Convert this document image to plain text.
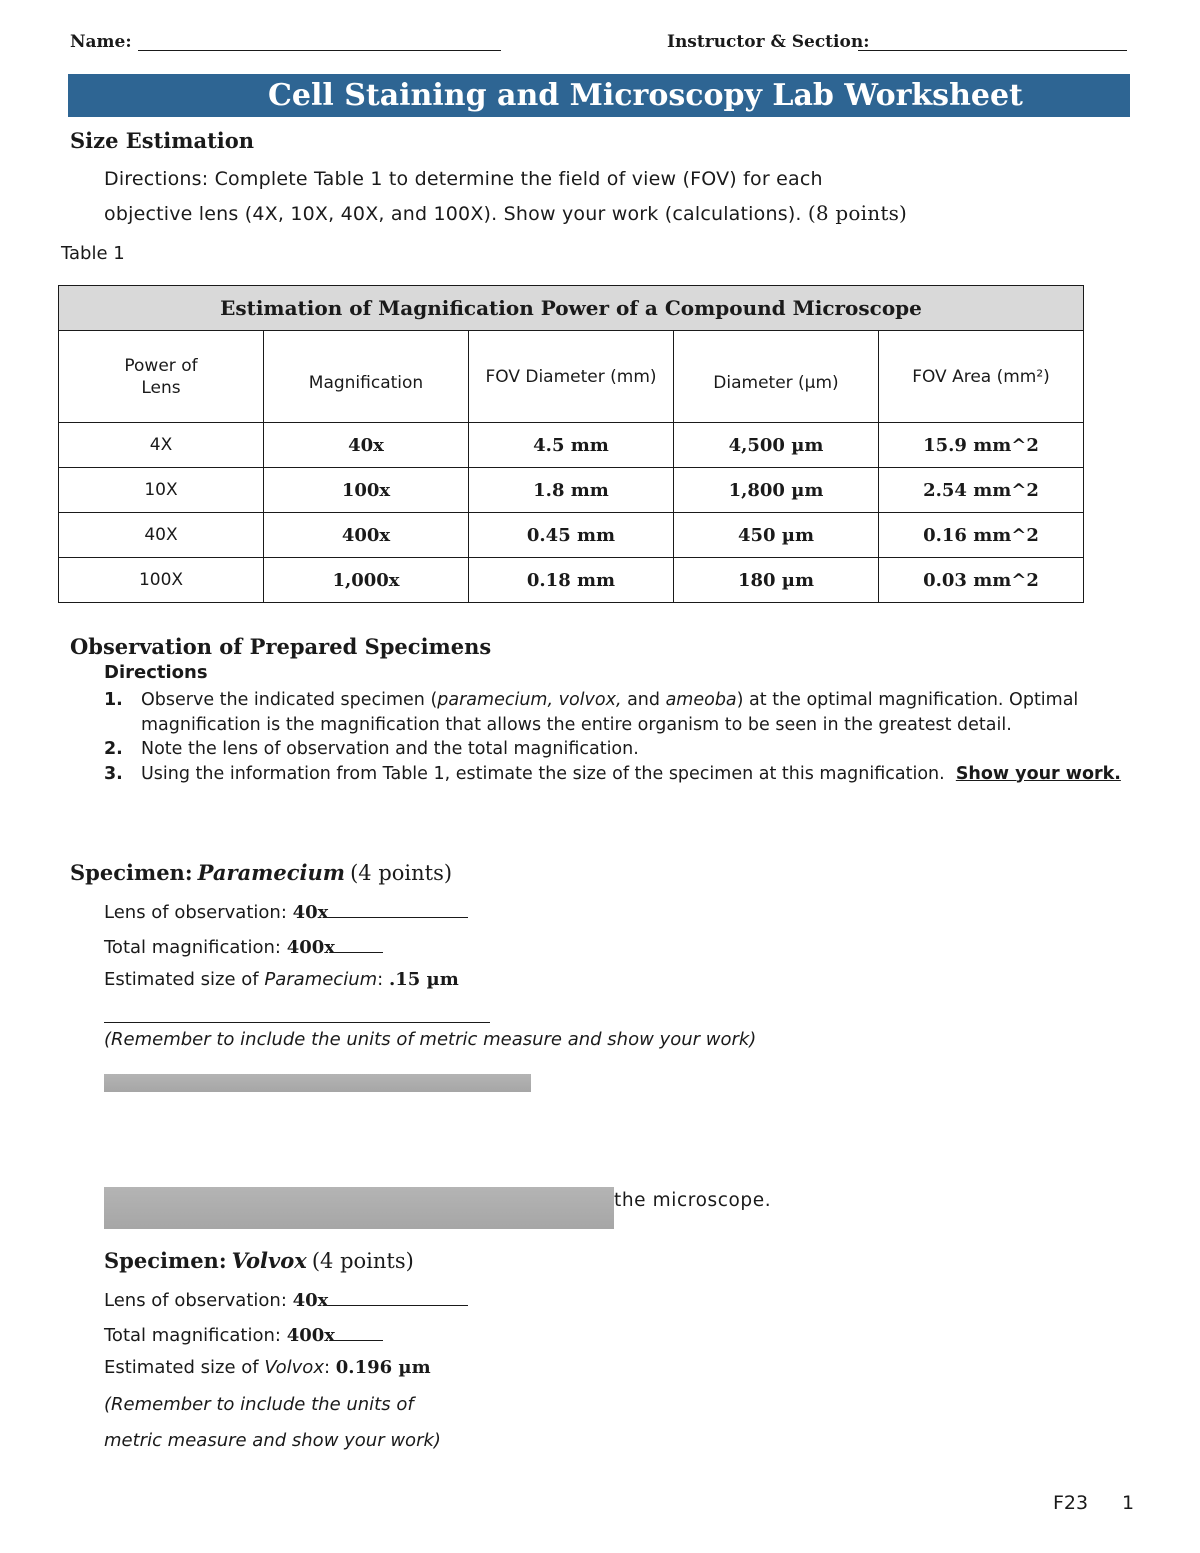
Name:	Instructor & Section:
Cell Staining and Microscopy Lab Worksheet
Size Estimation
Directions: Complete Table 1 to determine the field of view (FOV) for each
objective lens (4X, 10X, 40X, and 100X). Show your work (calculations). (8 points)
Table 1
Estimation of Magnification Power of a Compound Microscope				
Power of
Lens	Magnification	FOV Diameter (mm)	Diameter (µm)	FOV Area (mm²)
4X	40x	4.5 mm	4,500 µm	15.9 mm^2
10X	100x	1.8 mm	1,800 µm	2.54 mm^2
40X	400x	0.45 mm	450 µm	0.16 mm^2
100X	1,000x	0.18 mm	180 µm	0.03 mm^2
Observation of Prepared Specimens
Directions
1. Observe the indicated specimen (paramecium, volvox, and ameoba) at the optimal magnification. Optimal magnification is the magnification that allows the entire organism to be seen in the greatest detail.
2. Note the lens of observation and the total magnification.
3. Using the information from Table 1, estimate the size of the specimen at this magnification.  Show your work.
Specimen: Paramecium (4 points)
Lens of observation: 40x
Total magnification: 400x
Estimated size of Paramecium: .15 µm
(Remember to include the units of metric measure and show your work)
the microscope.
Specimen: Volvox (4 points)
Lens of observation: 40x
Total magnification: 400x
Estimated size of Volvox: 0.196 µm
(Remember to include the units of
metric measure and show your work)
F23 1
